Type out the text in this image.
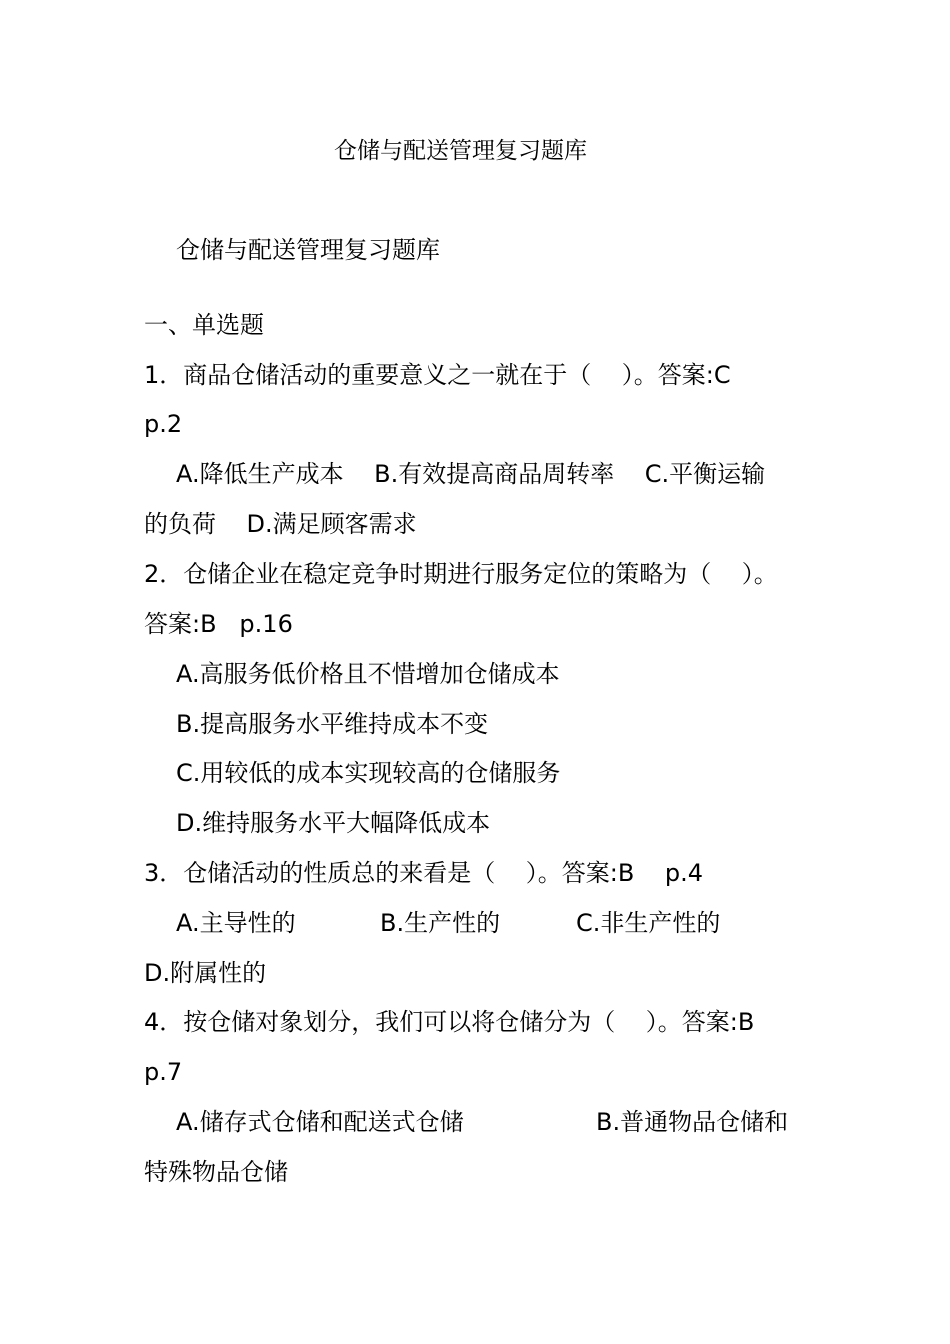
仓储与配送管理复习题库
仓储与配送管理复习题库
一、单选题
1．商品仓储活动的重要意义之一就在于（    ）。答案:C
p.2
A.降低生产成本    B.有效提高商品周转率    C.平衡运输
的负荷    D.满足顾客需求
2．仓储企业在稳定竞争时期进行服务定位的策略为（    ）。
答案:B   p.16
A.高服务低价格且不惜增加仓储成本
B.提高服务水平维持成本不变
C.用较低的成本实现较高的仓储服务
D.维持服务水平大幅降低成本
3．仓储活动的性质总的来看是（    ）。答案:B    p.4
A.主导性的	B.生产性的	C.非生产性的
D.附属性的
4．按仓储对象划分，我们可以将仓储分为（    ）。答案:B
p.7
A.储存式仓储和配送式仓储	B.普通物品仓储和
特殊物品仓储
